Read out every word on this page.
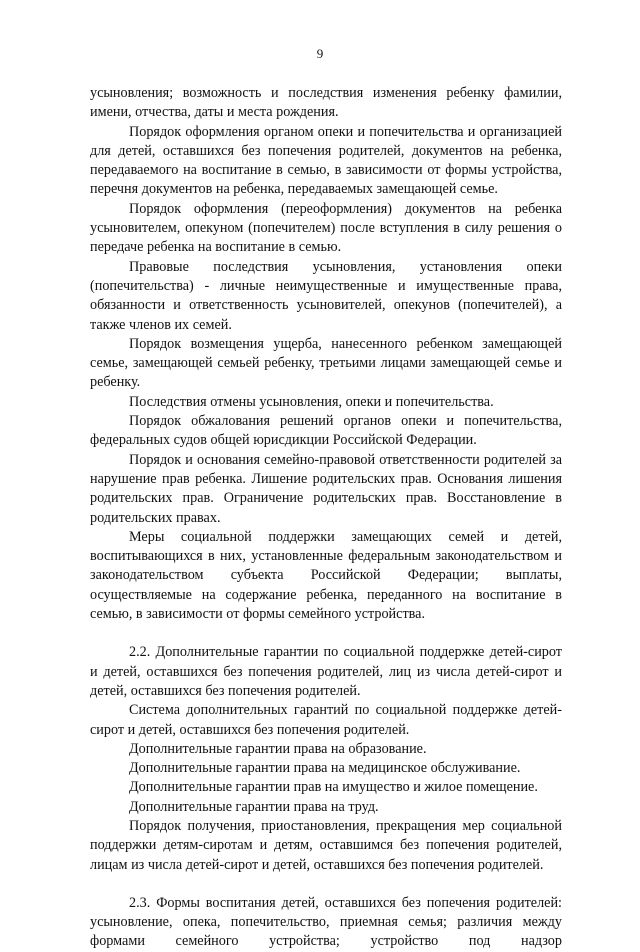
9

усыновления; возможность и последствия изменения ребенку фамилии, имени, отчества, даты и места рождения.

Порядок оформления органом опеки и попечительства и организацией для детей, оставшихся без попечения родителей, документов на ребенка, передаваемого на воспитание в семью, в зависимости от формы устройства, перечня документов на ребенка, передаваемых замещающей семье.

Порядок оформления (переоформления) документов на ребенка усыновителем, опекуном (попечителем) после вступления в силу решения о передаче ребенка на воспитание в семью.

Правовые последствия усыновления, установления опеки (попечительства) - личные неимущественные и имущественные права, обязанности и ответственность усыновителей, опекунов (попечителей), а также членов их семей.

Порядок возмещения ущерба, нанесенного ребенком замещающей семье, замещающей семьей ребенку, третьими лицами замещающей семье и ребенку.

Последствия отмены усыновления, опеки и попечительства.

Порядок обжалования решений органов опеки и попечительства, федеральных судов общей юрисдикции Российской Федерации.

Порядок и основания семейно-правовой ответственности родителей за нарушение прав ребенка. Лишение родительских прав. Основания лишения родительских прав. Ограничение родительских прав. Восстановление в родительских правах.

Меры социальной поддержки замещающих семей и детей, воспитывающихся в них, установленные федеральным законодательством и законодательством субъекта Российской Федерации; выплаты, осуществляемые на содержание ребенка, переданного на воспитание в семью, в зависимости от формы семейного устройства.

2.2. Дополнительные гарантии по социальной поддержке детей-сирот и детей, оставшихся без попечения родителей, лиц из числа детей-сирот и детей, оставшихся без попечения родителей.

Система дополнительных гарантий по социальной поддержке детей-сирот и детей, оставшихся без попечения родителей.

Дополнительные гарантии права на образование.

Дополнительные гарантии права на медицинское обслуживание.

Дополнительные гарантии прав на имущество и жилое помещение.

Дополнительные гарантии права на труд.

Порядок получения, приостановления, прекращения мер социальной поддержки детям-сиротам и детям, оставшимся без попечения родителей, лицам из числа детей-сирот и детей, оставшихся без попечения родителей.

2.3. Формы воспитания детей, оставшихся без попечения родителей: усыновление, опека, попечительство, приемная семья; различия между формами семейного устройства; устройство под надзор
